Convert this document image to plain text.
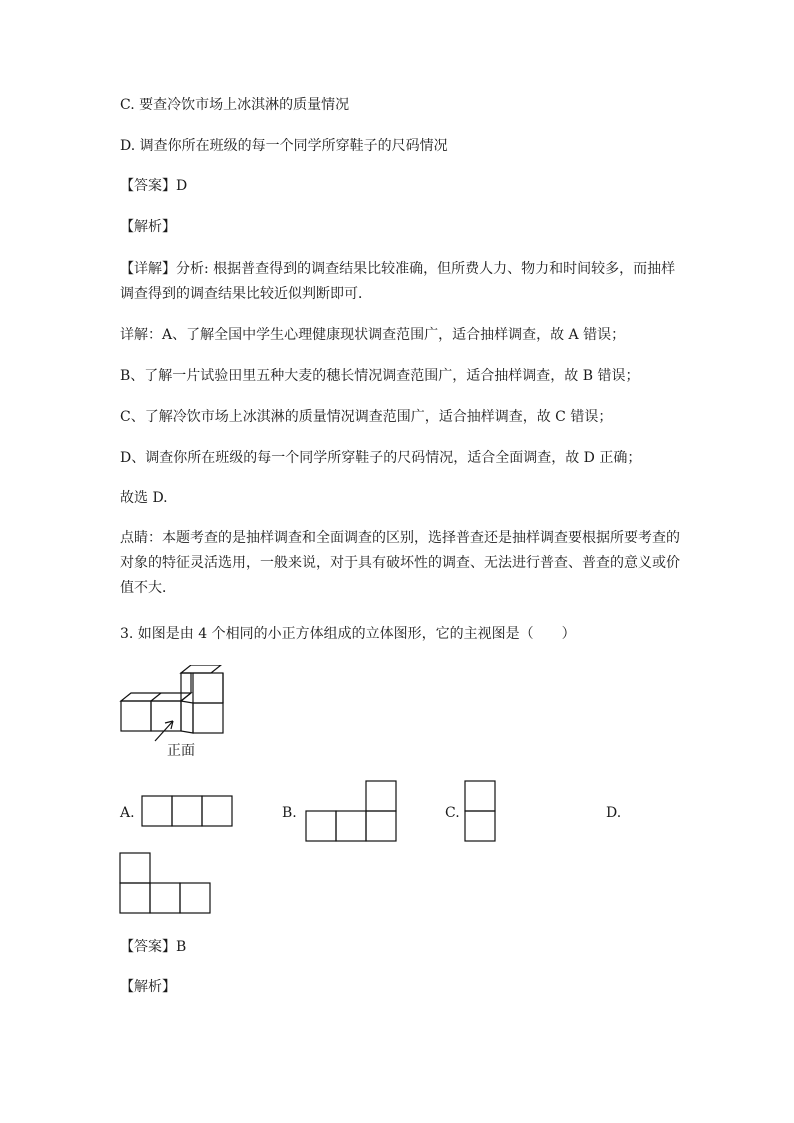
C. 要查冷饮市场上冰淇淋的质量情况
D. 调查你所在班级的每一个同学所穿鞋子的尺码情况
【答案】D
【解析】
【详解】分析: 根据普查得到的调查结果比较准确，但所费人力、物力和时间较多，而抽样调查得到的调查结果比较近似判断即可．
详解：A、了解全国中学生心理健康现状调查范围广，适合抽样调查，故 A 错误；
B、了解一片试验田里五种大麦的穗长情况调查范围广，适合抽样调查，故 B 错误；
C、了解冷饮市场上冰淇淋的质量情况调查范围广，适合抽样调查，故 C 错误；
D、调查你所在班级的每一个同学所穿鞋子的尺码情况，适合全面调查，故 D 正确；
故选 D.
点睛：本题考查的是抽样调查和全面调查的区别，选择普查还是抽样调查要根据所要考查的对象的特征灵活选用，一般来说，对于具有破坏性的调查、无法进行普查、普查的意义或价值不大．
3. 如图是由 4 个相同的小正方体组成的立体图形，它的主视图是（　　）
正面
A.	B.	C.	D.
【答案】B
【解析】
